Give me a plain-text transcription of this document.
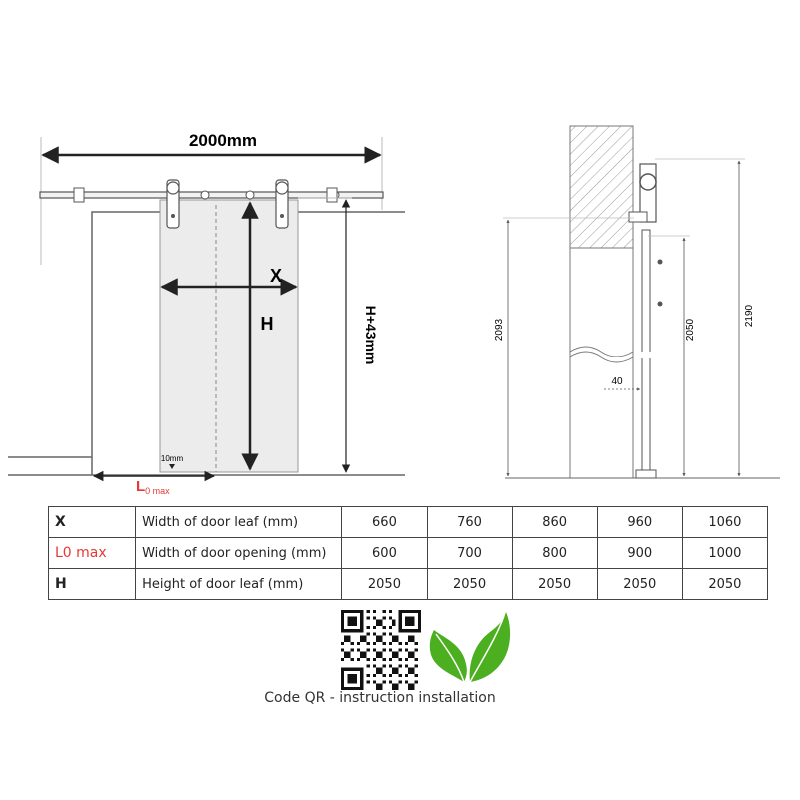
2000mm
X
H	H+43mm
10mm
L0 max
2093	2050
2190
40
X	Width of door leaf (mm)	660	760	860	960	1060
L0 max	Width of door opening (mm)	600	700	800	900	1000
H	Height of door leaf (mm)	2050	2050	2050	2050	2050
Code QR - instruction installation
